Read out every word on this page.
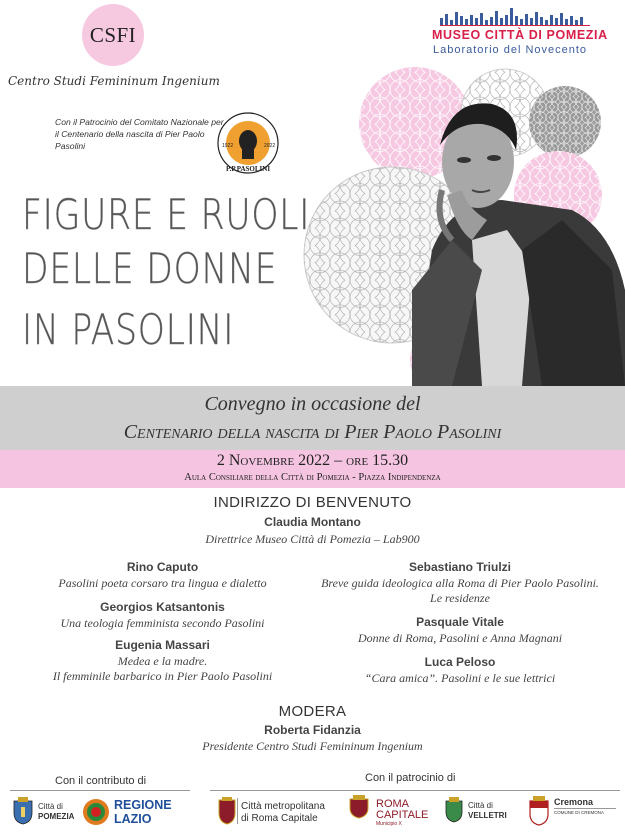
CSFI
Centro Studi Femininum Ingenium
MUSEO CITTÀ DI POMEZIA
Laboratorio del Novecento
Con il Patrocinio del Comitato Nazionale per il Centenario della nascita di Pier Paolo Pasolini	1922	2022
P.P.PASOLINI
FIGURE E RUOLI
DELLE DONNE
IN PASOLINI
Convegno in occasione del
Centenario della nascita di Pier Paolo Pasolini
2 Novembre 2022 – ore 15.30
Aula Consiliare della Città di Pomezia - Piazza Indipendenza
INDIRIZZO DI BENVENUTO
Claudia Montano
Direttrice Museo Città di Pomezia – Lab900
Rino Caputo
Pasolini poeta corsaro tra lingua e dialetto
Georgios Katsantonis
Una teologia femminista secondo Pasolini
Eugenia Massari
Medea e la madre.
Il femminile barbarico in Pier Paolo Pasolini
Sebastiano Triulzi
Breve guida ideologica alla Roma di Pier Paolo Pasolini.
Le residenze
Pasquale Vitale
Donne di Roma, Pasolini e Anna Magnani
Luca Peloso
“Cara amica”. Pasolini e le sue lettrici
MODERA
Roberta Fidanzia
Presidente Centro Studi Femininum Ingenium
Con il contributo di	Con il patrocinio di
Città di
POMEZIA
REGIONE
LAZIO
Città metropolitana
di Roma Capitale
ROMA
CAPITALE
Municipio X
Città di
VELLETRI
Cremona
COMUNE DI CREMONA
